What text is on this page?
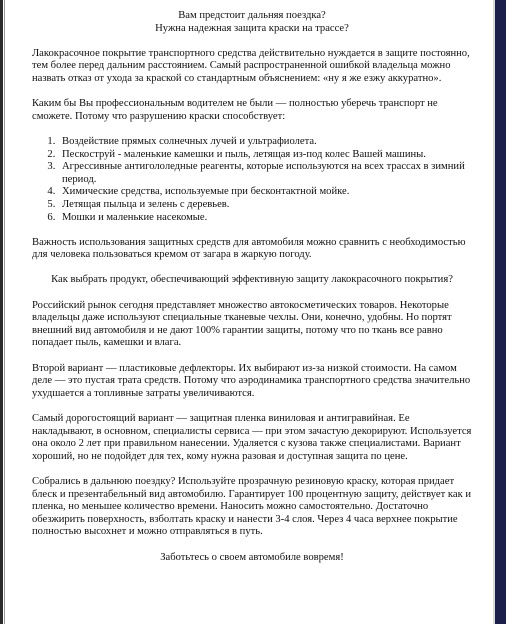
Вам предстоит дальняя поездка?

Нужна надежная защита краски на трассе?

Лакокрасочное покрытие транспортного средства действительно нуждается в защите постоянно, тем более перед дальним расстоянием. Самый распространенной ошибкой владельца можно назвать отказ от ухода за краской со стандартным объяснением: «ну я же езжу аккуратно».

Каким бы Вы профессиональным водителем не были — полностью уберечь транспорт не сможете. Потому что разрушению краски способствует:

1. Воздействие прямых солнечных лучей и ультрафиолета.
2. Пескоструй - маленькие камешки и пыль, летящая из-под колес Вашей машины.
3. Агрессивные антигололедные реагенты, которые используются на всех трассах в зимний период.
4. Химические средства, используемые при бесконтактной мойке.
5. Летящая пыльца и зелень с деревьев.
6. Мошки и маленькие насекомые.

Важность использования защитных средств для автомобиля можно сравнить с необходимостью для человека пользоваться кремом от загара в жаркую погоду.

Как выбрать продукт, обеспечивающий эффективную защиту лакокрасочного покрытия?

Российский рынок сегодня представляет множество автокосметических товаров. Некоторые владельцы даже используют специальные тканевые чехлы. Они, конечно, удобны. Но портят внешний вид автомобиля и не дают 100% гарантии защиты, потому что по ткань все равно попадает пыль, камешки и влага.

Второй вариант — пластиковые дефлекторы. Их выбирают из-за низкой стоимости. На самом деле — это пустая трата средств. Потому что аэродинамика транспортного средства значительно ухудшается а топливные затраты увеличиваются.

Самый дорогостоящий вариант — защитная пленка виниловая и антигравийная. Ее накладывают, в основном, специалисты сервиса — при этом зачастую декорируют. Используется она около 2 лет при правильном нанесении. Удаляется с кузова также специалистами. Вариант хороший, но не подойдет для тех, кому нужна разовая и доступная защита по цене.

Собрались в дальнюю поездку? Используйте прозрачную резиновую краску, которая придает блеск и презентабельный вид автомобилю. Гарантирует 100 процентную защиту, действует как и пленка, но меньшее количество времени. Наносить можно самостоятельно. Достаточно обезжирить поверхность, взболтать краску и нанести 3-4 слоя. Через 4 часа верхнее покрытие полностью высохнет и можно отправляться в путь.

Заботьтесь о своем автомобиле вовремя!
